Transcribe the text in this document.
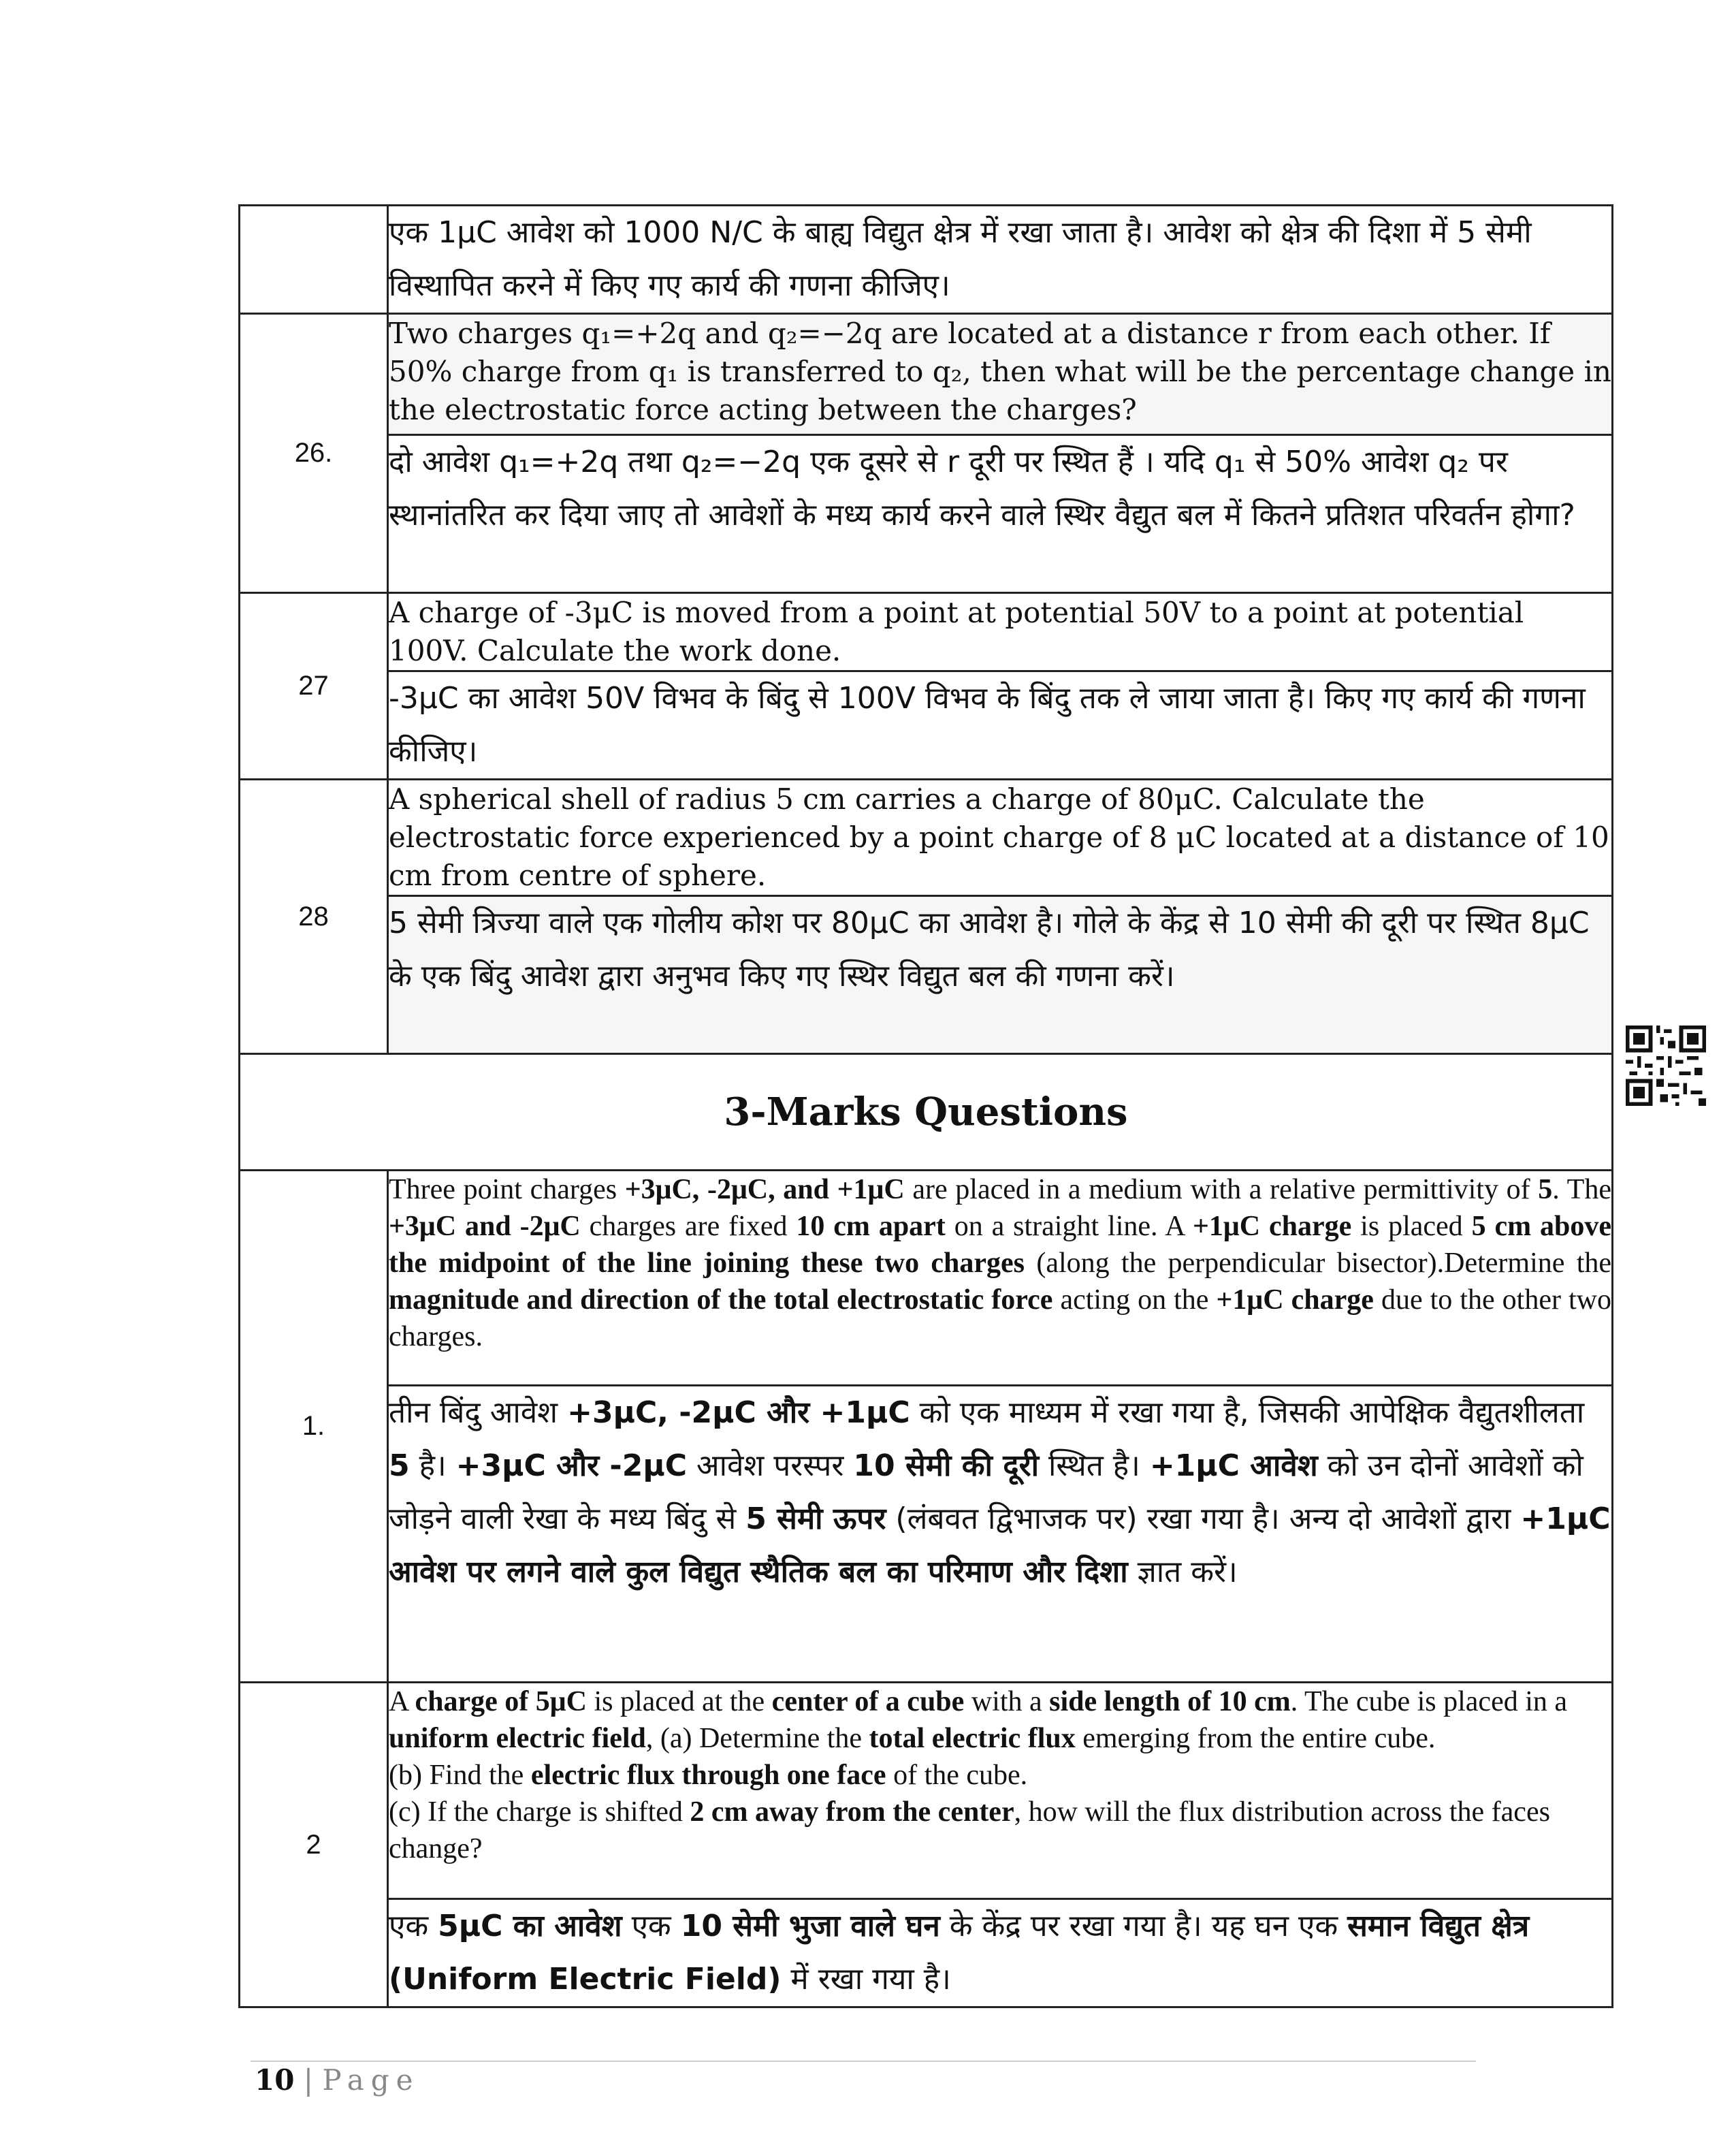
	एक 1μC आवेश को 1000 N/C के बाह्य विद्युत क्षेत्र में रखा जाता है। आवेश को क्षेत्र की दिशा में 5 सेमी विस्थापित करने में किए गए कार्य की गणना कीजिए।
26.	Two charges q₁=+2q and q₂=−2q are located at a distance r from each other. If 50% charge from q₁ is transferred to q₂, then what will be the percentage change in the electrostatic force acting between the charges?
	दो आवेश q₁=+2q तथा q₂=−2q एक दूसरे से r दूरी पर स्थित हैं । यदि q₁ से 50% आवेश q₂ पर स्थानांतरित कर दिया जाए तो आवेशों के मध्य कार्य करने वाले स्थिर वैद्युत बल में कितने प्रतिशत परिवर्तन होगा?
27	A charge of -3μC is moved from a point at potential 50V to a point at potential 100V. Calculate the work done.
	-3μC का आवेश 50V विभव के बिंदु से 100V विभव के बिंदु तक ले जाया जाता है। किए गए कार्य की गणना कीजिए।
28	A spherical shell of radius 5 cm carries a charge of 80μC. Calculate the electrostatic force experienced by a point charge of 8 μC located at a distance of 10 cm from centre of sphere.
	5 सेमी त्रिज्या वाले एक गोलीय कोश पर 80μC का आवेश है। गोले के केंद्र से 10 सेमी की दूरी पर स्थित 8μC के एक बिंदु आवेश द्वारा अनुभव किए गए स्थिर विद्युत बल की गणना करें।
3-Marks Questions	
1.	Three point charges +3μC, -2μC, and +1μC are placed in a medium with a relative permittivity of 5. The +3μC and -2μC charges are fixed 10 cm apart on a straight line. A +1μC charge is placed 5 cm above the midpoint of the line joining these two charges (along the perpendicular bisector).Determine the magnitude and direction of the total electrostatic force acting on the +1μC charge due to the other two charges.
	तीन बिंदु आवेश +3μC, -2μC और +1μC को एक माध्यम में रखा गया है, जिसकी आपेक्षिक वैद्युतशीलता 5 है। +3μC और -2μC आवेश परस्पर 10 सेमी की दूरी स्थित है। +1μC आवेश को उन दोनों आवेशों को जोड़ने वाली रेखा के मध्य बिंदु से 5 सेमी ऊपर (लंबवत द्विभाजक पर) रखा गया है। अन्य दो आवेशों द्वारा +1μC आवेश पर लगने वाले कुल विद्युत स्थैतिक बल का परिमाण और दिशा ज्ञात करें।
2	A charge of 5μC is placed at the center of a cube with a side length of 10 cm. The cube is placed in a uniform electric field, (a) Determine the total electric flux emerging from the entire cube.
(b) Find the electric flux through one face of the cube.
(c) If the charge is shifted 2 cm away from the center, how will the flux distribution across the faces change?

	एक 5μC का आवेश एक 10 सेमी भुजा वाले घन के केंद्र पर रखा गया है। यह घन एक समान विद्युत क्षेत्र (Uniform Electric Field) में रखा गया है।
10 | Page
